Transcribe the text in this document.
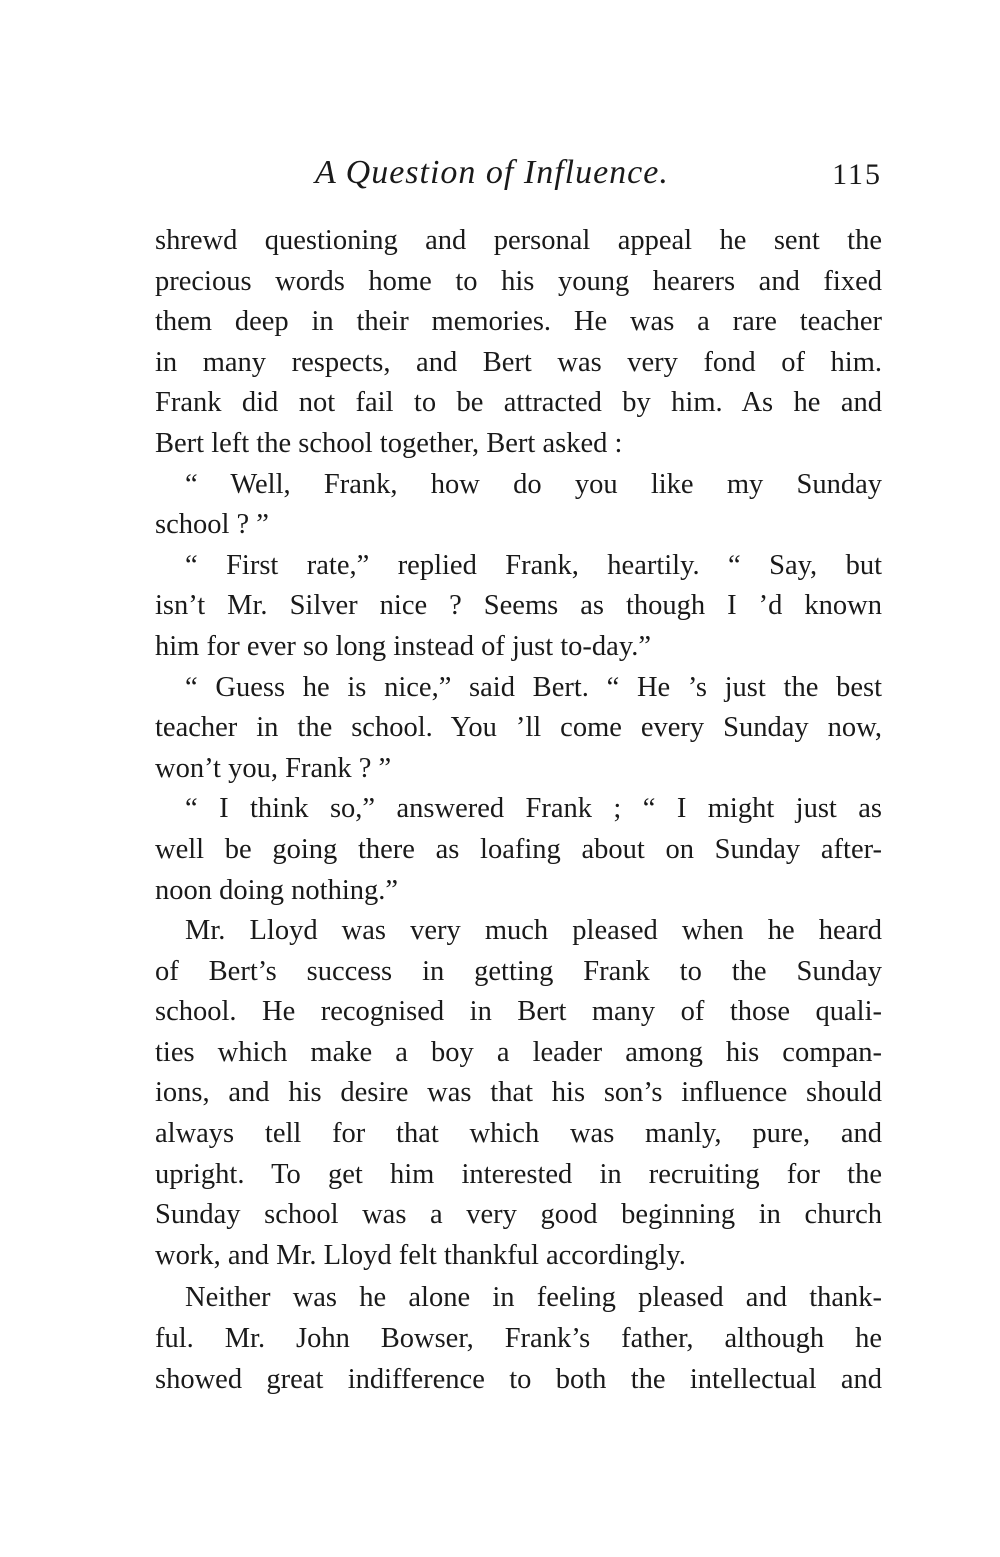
A Question of Influence.	115
shrewd questioning and personal appeal he sent the
precious words home to his young hearers and fixed
them deep in their memories. He was a rare teacher
in many respects, and Bert was very fond of him.
Frank did not fail to be attracted by him. As he and
Bert left the school together, Bert asked :
“ Well, Frank, how do you like my Sunday
school ? ”
“ First rate,” replied Frank, heartily. “ Say, but
isn’t Mr. Silver nice ? Seems as though I ’d known
him for ever so long instead of just to-day.”
“ Guess he is nice,” said Bert. “ He ’s just the best
teacher in the school. You ’ll come every Sunday now,
won’t you, Frank ? ”
“ I think so,” answered Frank ; “ I might just as
well be going there as loafing about on Sunday after-
noon doing nothing.”
Mr. Lloyd was very much pleased when he heard
of Bert’s success in getting Frank to the Sunday
school. He recognised in Bert many of those quali-
ties which make a boy a leader among his compan-
ions, and his desire was that his son’s influence should
always tell for that which was manly, pure, and
upright. To get him interested in recruiting for the
Sunday school was a very good beginning in church
work, and Mr. Lloyd felt thankful accordingly.
Neither was he alone in feeling pleased and thank-
ful. Mr. John Bowser, Frank’s father, although he
showed great indifference to both the intellectual and
